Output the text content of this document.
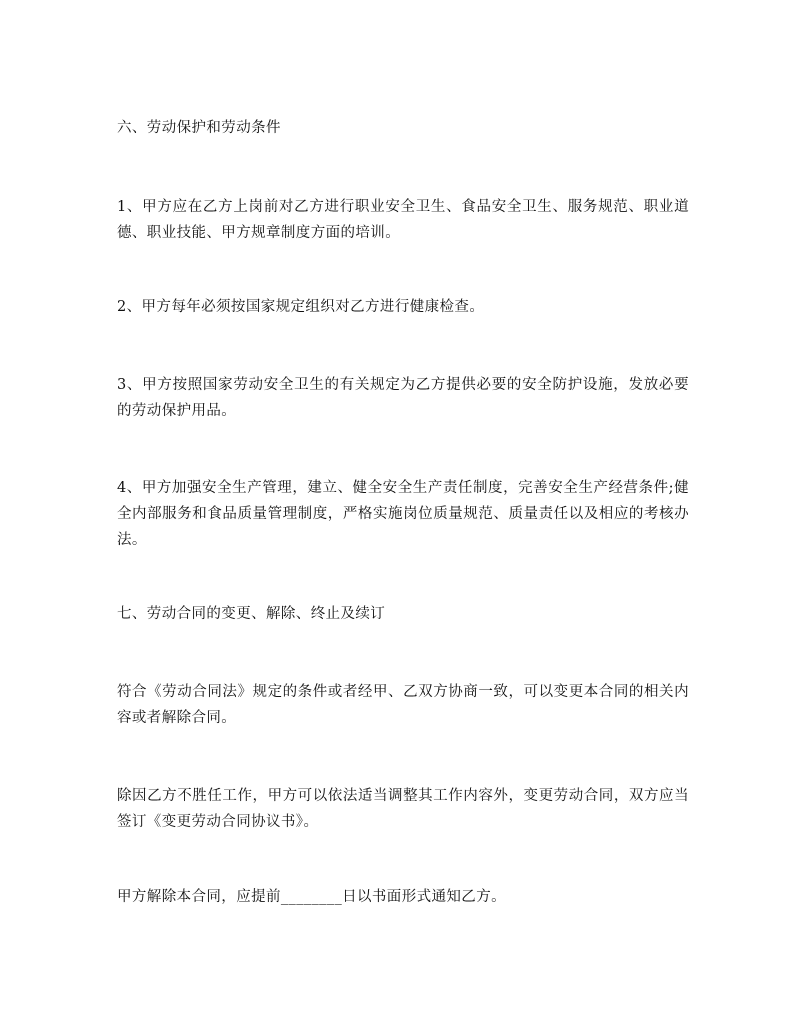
六、劳动保护和劳动条件

1、甲方应在乙方上岗前对乙方进行职业安全卫生、食品安全卫生、服务规范、职业道德、职业技能、甲方规章制度方面的培训。

2、甲方每年必须按国家规定组织对乙方进行健康检查。

3、甲方按照国家劳动安全卫生的有关规定为乙方提供必要的安全防护设施，发放必要的劳动保护用品。

4、甲方加强安全生产管理，建立、健全安全生产责任制度，完善安全生产经营条件;健全内部服务和食品质量管理制度，严格实施岗位质量规范、质量责任以及相应的考核办法。

七、劳动合同的变更、解除、终止及续订

符合《劳动合同法》规定的条件或者经甲、乙双方协商一致，可以变更本合同的相关内容或者解除合同。

除因乙方不胜任工作，甲方可以依法适当调整其工作内容外，变更劳动合同，双方应当签订《变更劳动合同协议书》。

甲方解除本合同，应提前________日以书面形式通知乙方。
